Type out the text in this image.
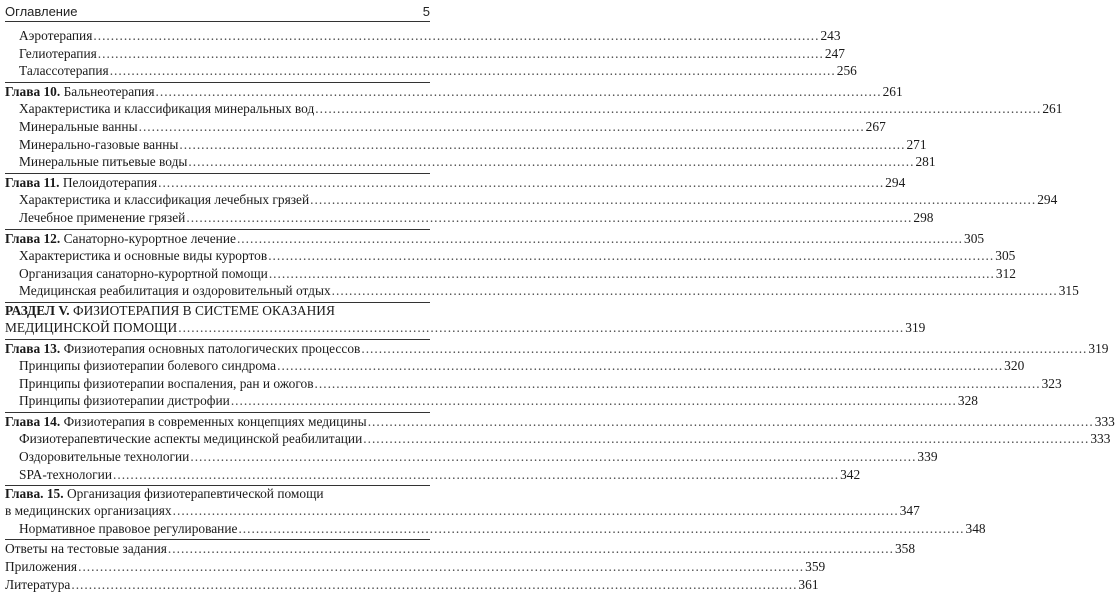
Оглавление	5
Аэротерапия .....	243
Гелиотерапия .....	247
Талассотерапия .....	256
Глава 10. Бальнеотерапия .....	261
Характеристика и классификация минеральных вод .....	261
Минеральные ванны .....	267
Минерально-газовые ванны .....	271
Минеральные питьевые воды .....	281
Глава 11. Пелоидотерапия .....	294
Характеристика и классификация лечебных грязей .....	294
Лечебное применение грязей .....	298
Глава 12. Санаторно-курортное лечение .....	305
Характеристика и основные виды курортов .....	305
Организация санаторно-курортной помощи .....	312
Медицинская реабилитация и оздоровительный отдых .....	315
РАЗДЕЛ V. ФИЗИОТЕРАПИЯ В СИСТЕМЕ ОКАЗАНИЯ
МЕДИЦИНСКОЙ ПОМОЩИ .....	319
Глава 13. Физиотерапия основных патологических процессов .....	319
Принципы физиотерапии болевого синдрома .....	320
Принципы физиотерапии воспаления, ран и ожогов .....	323
Принципы физиотерапии дистрофии .....	328
Глава 14. Физиотерапия в современных концепциях медицины .....	333
Физиотерапевтические аспекты медицинской реабилитации .....	333
Оздоровительные технологии .....	339
SPA-технологии .....	342
Глава. 15. Организация физиотерапевтической помощи
в медицинских организациях .....	347
Нормативное правовое регулирование .....	348
Ответы на тестовые задания .....	358
Приложения .....	359
Литература .....	361
